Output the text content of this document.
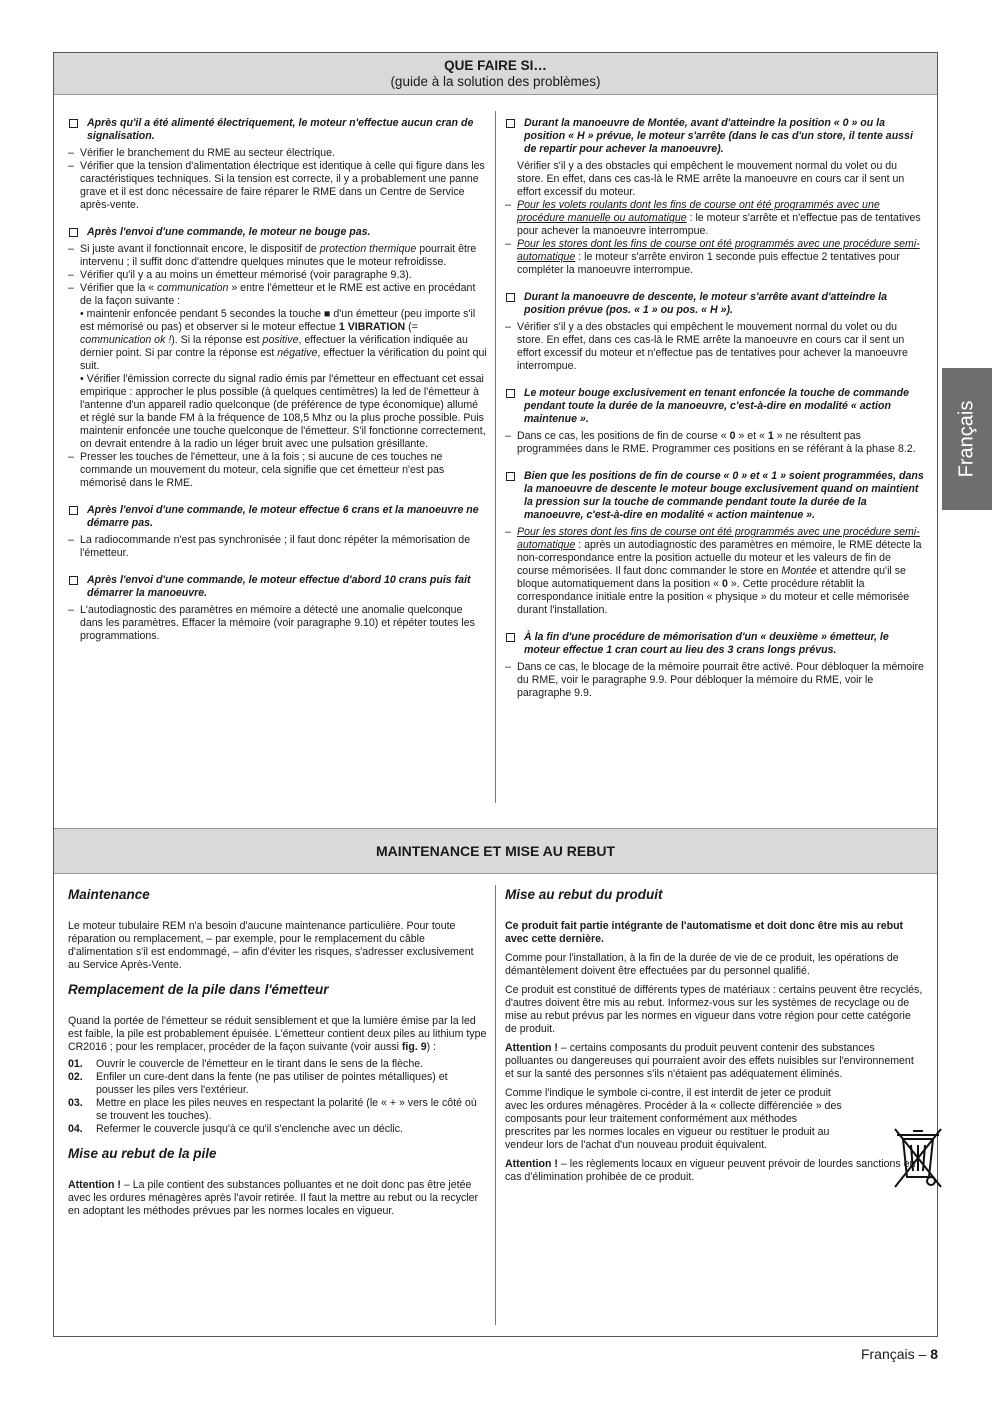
QUE FAIRE SI…
(guide à la solution des problèmes)

Après qu'il a été alimenté électriquement, le moteur n'effectue aucun cran de signalisation.

– Vérifier le branchement du RME au secteur électrique.

– Vérifier que la tension d'alimentation électrique est identique à celle qui figure dans les caractéristiques techniques. Si la tension est correcte, il y a probablement une panne grave et il est donc nécessaire de faire réparer le RME dans un Centre de Service après-vente.

Après l'envoi d'une commande, le moteur ne bouge pas.

– Si juste avant il fonctionnait encore, le dispositif de protection thermique pourrait être intervenu ; il suffit donc d'attendre quelques minutes que le moteur refroidisse.

– Vérifier qu'il y a au moins un émetteur mémorisé (voir paragraphe 9.3).

– Vérifier que la « communication » entre l'émetteur et le RME est active en procédant de la façon suivante :

• maintenir enfoncée pendant 5 secondes la touche ■ d'un émetteur (peu importe s'il est mémorisé ou pas) et observer si le moteur effectue 1 VIBRATION (= communication ok !). Si la réponse est positive, effectuer la vérification indiquée au dernier point. Si par contre la réponse est négative, effectuer la vérification du point qui suit.

• Vérifier l'émission correcte du signal radio émis par l'émetteur en effectuant cet essai empirique : approcher le plus possible (à quelques centimètres) la led de l'émetteur à l'antenne d'un appareil radio quelconque (de préférence de type économique) allumé et réglé sur la bande FM à la fréquence de 108,5 Mhz ou la plus proche possible. Puis maintenir enfoncée une touche quelconque de l'émetteur. S'il fonctionne correctement, on devrait entendre à la radio un léger bruit avec une pulsation grésillante.

– Presser les touches de l'émetteur, une à la fois ; si aucune de ces touches ne commande un mouvement du moteur, cela signifie que cet émetteur n'est pas mémorisé dans le RME.

Après l'envoi d'une commande, le moteur effectue 6 crans et la manoeuvre ne démarre pas.

– La radiocommande n'est pas synchronisée ; il faut donc répéter la mémorisation de l'émetteur.

Après l'envoi d'une commande, le moteur effectue d'abord 10 crans puis fait démarrer la manoeuvre.

– L'autodiagnostic des paramètres en mémoire a détecté une anomalie quelconque dans les paramètres. Effacer la mémoire (voir paragraphe 9.10) et répéter toutes les programmations.

Durant la manoeuvre de Montée, avant d'atteindre la position « 0 » ou la position « H » prévue, le moteur s'arrête (dans le cas d'un store, il tente aussi de repartir pour achever la manoeuvre).

Vérifier s'il y a des obstacles qui empêchent le mouvement normal du volet ou du store. En effet, dans ces cas-là le RME arrête la manoeuvre en cours car il sent un effort excessif du moteur.

– Pour les volets roulants dont les fins de course ont été programmés avec une procédure manuelle ou automatique : le moteur s'arrête et n'effectue pas de tentatives pour achever la manoeuvre interrompue.

– Pour les stores dont les fins de course ont été programmés avec une procédure semi-automatique : le moteur s'arrête environ 1 seconde puis effectue 2 tentatives pour compléter la manoeuvre interrompue.

Durant la manoeuvre de descente, le moteur s'arrête avant d'atteindre la position prévue (pos. « 1 » ou pos. « H »).

– Vérifier s'il y a des obstacles qui empêchent le mouvement normal du volet ou du store. En effet, dans ces cas-là le RME arrête la manoeuvre en cours car il sent un effort excessif du moteur et n'effectue pas de tentatives pour achever la manoeuvre interrompue.

Le moteur bouge exclusivement en tenant enfoncée la touche de commande pendant toute la durée de la manoeuvre, c'est-à-dire en modalité « action maintenue ».

– Dans ce cas, les positions de fin de course « 0 » et « 1 » ne résultent pas programmées dans le RME. Programmer ces positions en se référant à la phase 8.2.

Bien que les positions de fin de course « 0 » et « 1 » soient programmées, dans la manoeuvre de descente le moteur bouge exclusivement quand on maintient la pression sur la touche de commande pendant toute la durée de la manoeuvre, c'est-à-dire en modalité « action maintenue ».

– Pour les stores dont les fins de course ont été programmés avec une procédure semi-automatique : après un autodiagnostic des paramètres en mémoire, le RME détecte la non-correspondance entre la position actuelle du moteur et les valeurs de fin de course mémorisées. Il faut donc commander le store en Montée et attendre qu'il se bloque automatiquement dans la position « 0 ». Cette procédure rétablit la correspondance initiale entre la position « physique » du moteur et celle mémorisée durant l'installation.

À la fin d'une procédure de mémorisation d'un « deuxième » émetteur, le moteur effectue 1 cran court au lieu des 3 crans longs prévus.

– Dans ce cas, le blocage de la mémoire pourrait être activé. Pour débloquer la mémoire du RME, voir le paragraphe 9.9. Pour débloquer la mémoire du RME, voir le paragraphe 9.9.

MAINTENANCE ET MISE AU REBUT

Maintenance

Le moteur tubulaire REM n'a besoin d'aucune maintenance particulière. Pour toute réparation ou remplacement, – par exemple, pour le remplacement du câble d'alimentation s'il est endommagé, – afin d'éviter les risques, s'adresser exclusivement au Service Après-Vente.

Remplacement de la pile dans l'émetteur

Quand la portée de l'émetteur se réduit sensiblement et que la lumière émise par la led est faible, la pile est probablement épuisée. L'émetteur contient deux piles au lithium type CR2016 ; pour les remplacer, procéder de la façon suivante (voir aussi fig. 9) :

01. Ouvrir le couvercle de l'émetteur en le tirant dans le sens de la flèche.

02. Enfiler un cure-dent dans la fente (ne pas utiliser de pointes métalliques) et pousser les piles vers l'extérieur.

03. Mettre en place les piles neuves en respectant la polarité (le « + » vers le côté où se trouvent les touches).

04. Refermer le couvercle jusqu'à ce qu'il s'enclenche avec un déclic.

Mise au rebut de la pile

Attention ! – La pile contient des substances polluantes et ne doit donc pas être jetée avec les ordures ménagères après l'avoir retirée. Il faut la mettre au rebut ou la recycler en adoptant les méthodes prévues par les normes locales en vigueur.

Mise au rebut du produit

Ce produit fait partie intégrante de l'automatisme et doit donc être mis au rebut avec cette dernière.

Comme pour l'installation, à la fin de la durée de vie de ce produit, les opérations de démantèlement doivent être effectuées par du personnel qualifié.

Ce produit est constitué de différents types de matériaux : certains peuvent être recyclés, d'autres doivent être mis au rebut. Informez-vous sur les systèmes de recyclage ou de mise au rebut prévus par les normes en vigueur dans votre région pour cette catégorie de produit.

Attention ! – certains composants du produit peuvent contenir des substances polluantes ou dangereuses qui pourraient avoir des effets nuisibles sur l'environnement et sur la santé des personnes s'ils n'étaient pas adéquatement éliminés.

Comme l'indique le symbole ci-contre, il est interdit de jeter ce produit avec les ordures ménagères. Procéder à la « collecte différenciée » des composants pour leur traitement conformément aux méthodes prescrites par les normes locales en vigueur ou restituer le produit au vendeur lors de l'achat d'un nouveau produit équivalent.

Attention ! – les règlements locaux en vigueur peuvent prévoir de lourdes sanctions en cas d'élimination prohibée de ce produit.

Français
Français – 8
